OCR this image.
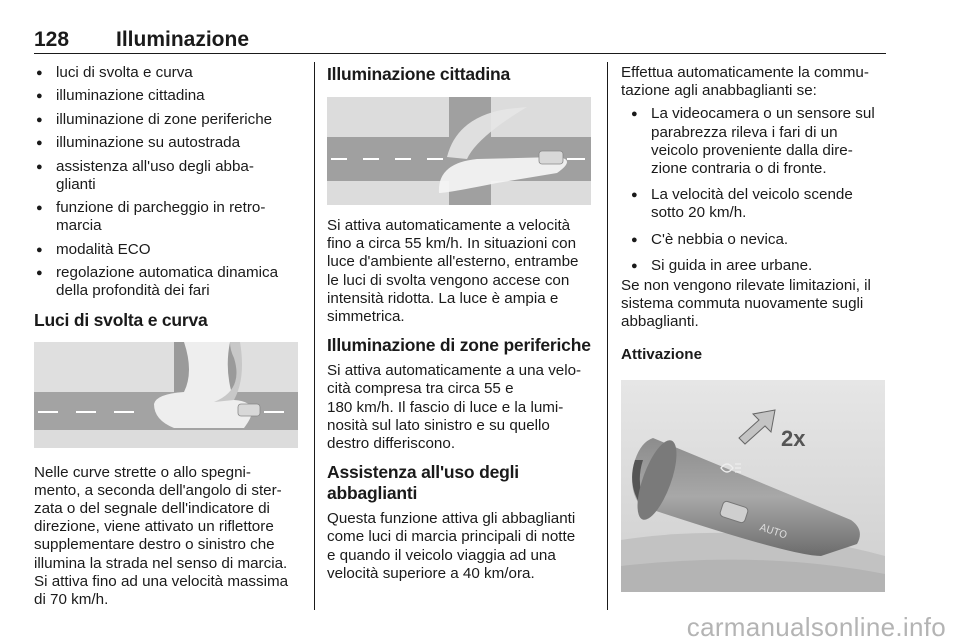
128 Illuminazione
● luci di svolta e curva
● illuminazione cittadina
● illuminazione di zone periferiche
● illuminazione su autostrada
● assistenza all'uso degli abba-
glianti
● funzione di parcheggio in retro-
marcia
● modalità ECO
● regolazione automatica dinamica
della profondità dei fari
Luci di svolta e curva

Nelle curve strette o allo spegni-
mento, a seconda dell'angolo di ster-
zata o del segnale dell'indicatore di
direzione, viene attivato un riflettore
supplementare destro o sinistro che
illumina la strada nel senso di marcia.
Si attiva fino ad una velocità massima
di 70 km/h.

Illuminazione cittadina

Si attiva automaticamente a velocità
fino a circa 55 km/h. In situazioni con
luce d'ambiente all'esterno, entrambe
le luci di svolta vengono accese con
intensità ridotta. La luce è ampia e
simmetrica.

Illuminazione di zone periferiche

Si attiva automaticamente a una velo-
cità compresa tra circa 55 e
180 km/h. Il fascio di luce e la lumi-
nosità sul lato sinistro e su quello
destro differiscono.

Assistenza all'uso degli
abbaglianti

Questa funzione attiva gli abbaglianti
come luci di marcia principali di notte
e quando il veicolo viaggia ad una
velocità superiore a 40 km/ora.

Effettua automaticamente la commu-
tazione agli anabbaglianti se:

● La videocamera o un sensore sul
parabrezza rileva i fari di un
veicolo proveniente dalla dire-
zione contraria o di fronte.
● La velocità del veicolo scende
sotto 20 km/h.
● C'è nebbia o nevica.
● Si guida in aree urbane.

Se non vengono rilevate limitazioni, il
sistema commuta nuovamente sugli
abbaglianti.

Attivazione
AUTO
2x
carmanualsonline.info
